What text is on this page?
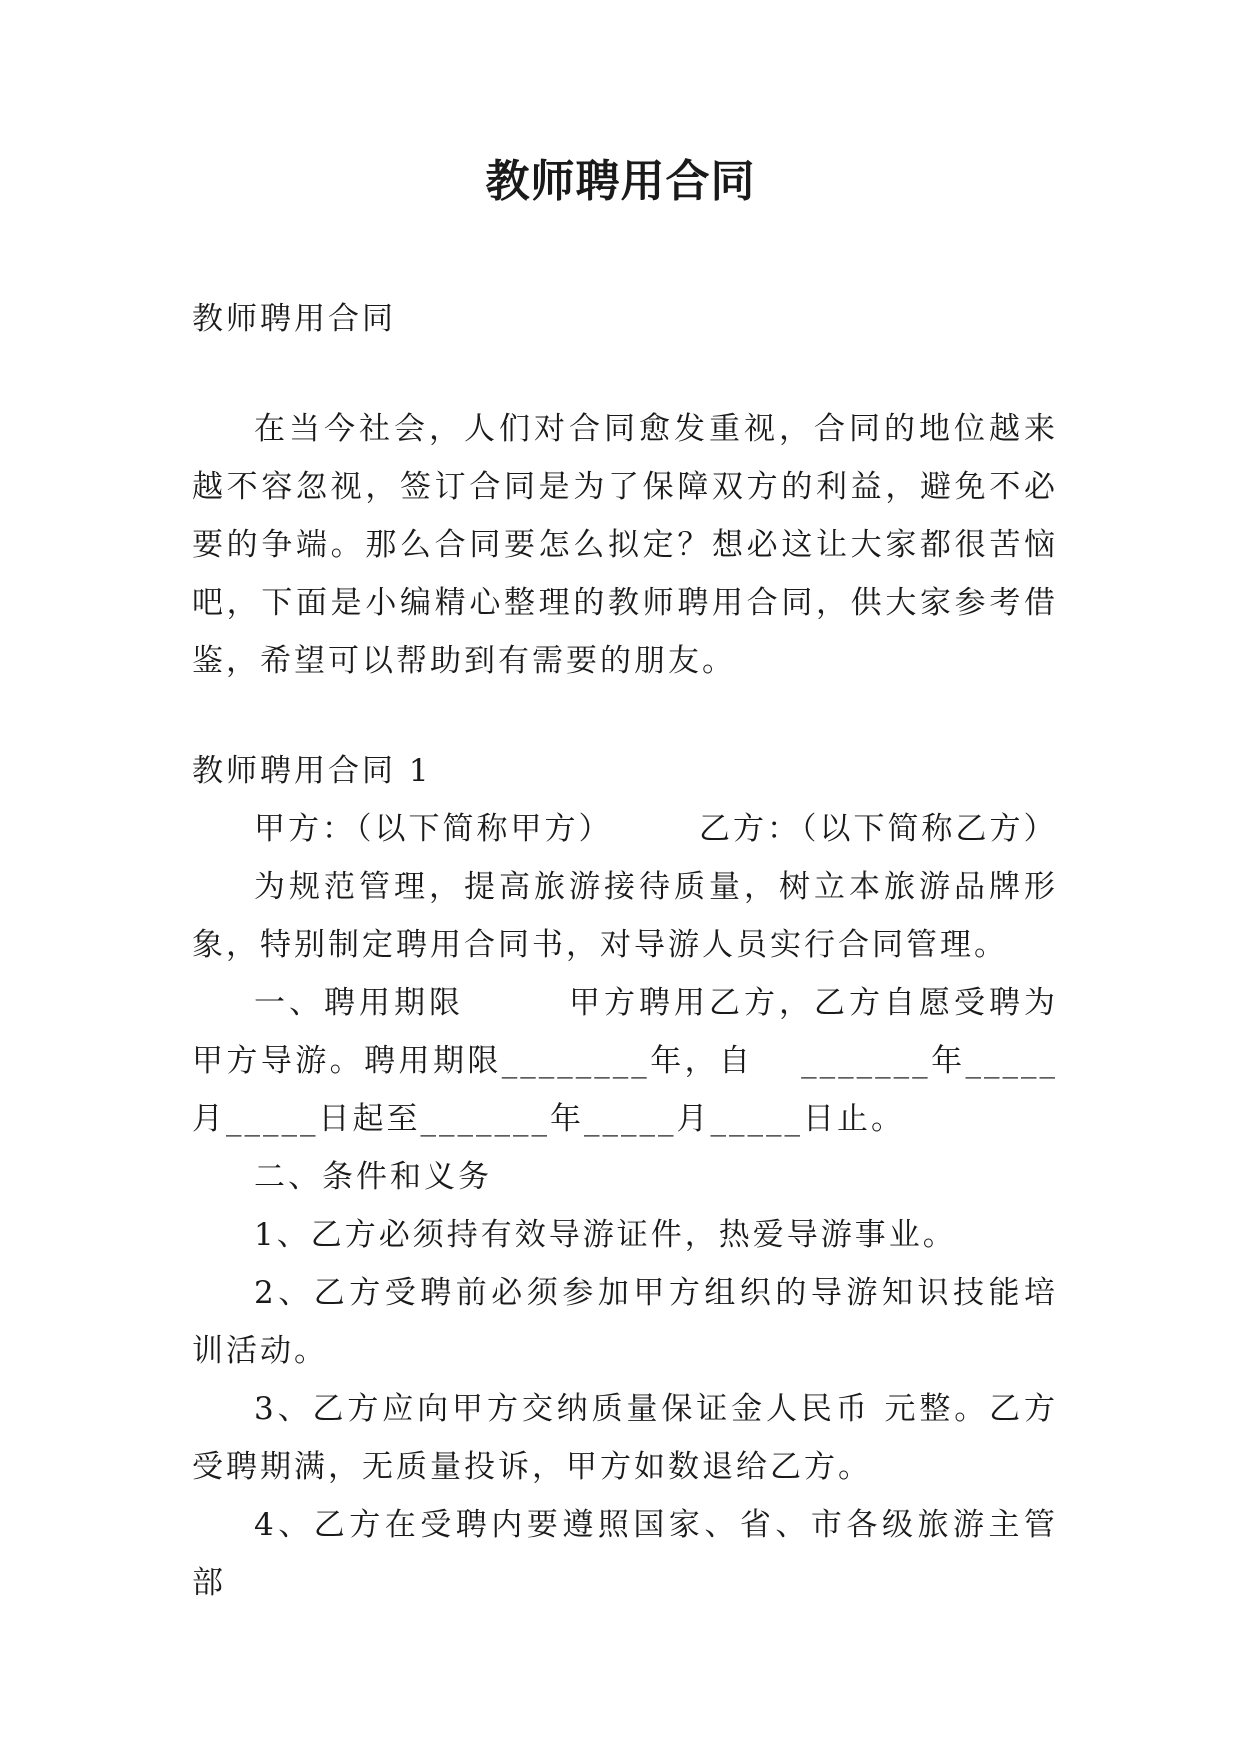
教师聘用合同

教师聘用合同

在当今社会，人们对合同愈发重视，合同的地位越来越不容忽视，签订合同是为了保障双方的利益，避免不必要的争端。那么合同要怎么拟定？想必这让大家都很苦恼吧，下面是小编精心整理的教师聘用合同，供大家参考借鉴，希望可以帮助到有需要的朋友。

教师聘用合同 1

甲方：（以下简称甲方）　　　乙方：（以下简称乙方）

为规范管理，提高旅游接待质量，树立本旅游品牌形象，特别制定聘用合同书，对导游人员实行合同管理。

一、聘用期限　　　甲方聘用乙方，乙方自愿受聘为甲方导游。聘用期限________年，自　 _______年_____月_____日起至_______年_____月_____日止。

二、条件和义务

1、乙方必须持有效导游证件，热爱导游事业。

2、乙方受聘前必须参加甲方组织的导游知识技能培训活动。

3、乙方应向甲方交纳质量保证金人民币 元整。乙方受聘期满，无质量投诉，甲方如数退给乙方。

4、乙方在受聘内要遵照国家、省、市各级旅游主管部
